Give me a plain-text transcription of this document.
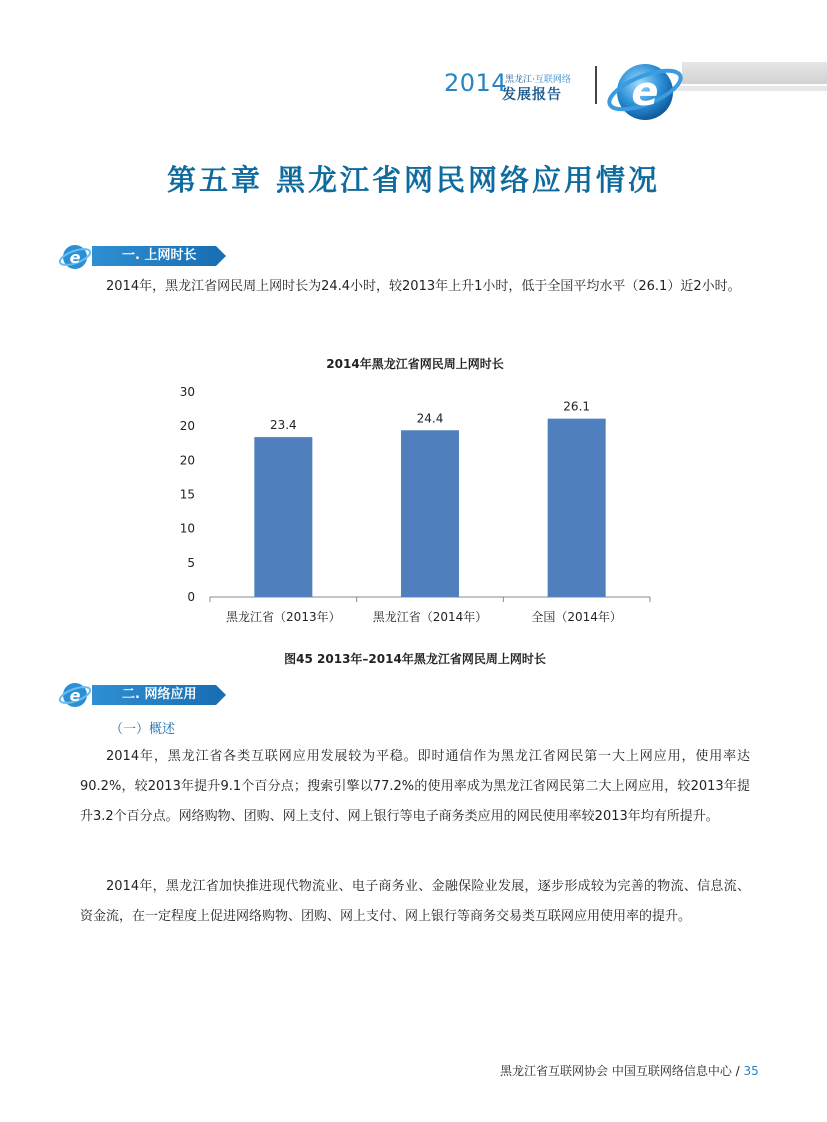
2014
黑龙江·互联网络
发展报告 e
第五章 黑龙江省网民网络应用情况
e	一. 上网时长
2014年，黑龙江省网民周上网时长为24.4小时，较2013年上升1小时，低于全国平均水平（26.1）近2小时。
2014年黑龙江省网民周上网时长
0
5
10
15
20
20
30
23.4
黑龙江省（2013年）
24.4
黑龙江省（2014年）
26.1
全国（2014年）
图45 2013年–2014年黑龙江省网民周上网时长
e	二. 网络应用
（一）概述
2014年，黑龙江省各类互联网应用发展较为平稳。即时通信作为黑龙江省网民第一大上网应用，使用率达90.2%，较2013年提升9.1个百分点；搜索引擎以77.2%的使用率成为黑龙江省网民第二大上网应用，较2013年提升3.2个百分点。网络购物、团购、网上支付、网上银行等电子商务类应用的网民使用率较2013年均有所提升。
2014年，黑龙江省加快推进现代物流业、电子商务业、金融保险业发展，逐步形成较为完善的物流、信息流、资金流，在一定程度上促进网络购物、团购、网上支付、网上银行等商务交易类互联网应用使用率的提升。
黑龙江省互联网协会 中国互联网络信息中心 / 35
